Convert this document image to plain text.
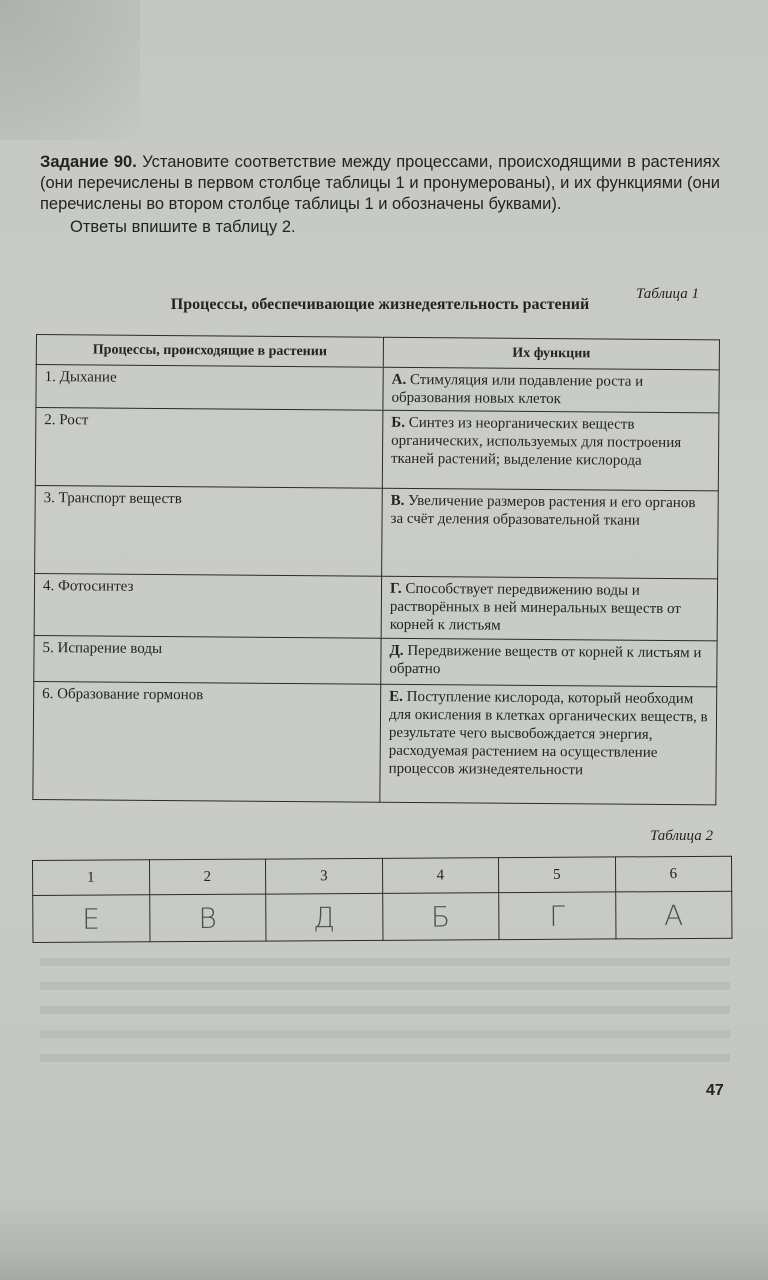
Задание 90. Установите соответствие между процессами, происходящими в растениях (они перечислены в первом столбце таблицы 1 и пронумерованы), и их функциями (они перечислены во втором столбце таблицы 1 и обозначены буквами).

Ответы впишите в таблицу 2.

Таблица 1
Процессы, обеспечивающие жизнедеятельность растений
Процессы, происходящие в растении	Их функции
1. Дыхание	А. Стимуляция или подавление роста и образования новых клеток
2. Рост	Б. Синтез из неорганических веществ органических, используемых для построения тканей растений; выделение кислорода
3. Транспорт веществ	В. Увеличение размеров растения и его органов за счёт деления образовательной ткани
4. Фотосинтез	Г. Способствует передвижению воды и растворённых в ней минеральных веществ от корней к листьям
5. Испарение воды	Д. Передвижение веществ от корней к листьям и обратно
6. Образование гормонов	Е. Поступление кислорода, который необходим для окисления в клетках органических веществ, в результате чего высвобождается энергия, расходуемая растением на осуществление процессов жизнедеятельности
Таблица 2
1	2	3	4	5	6
Е	В	Д	Б	Г	А
47
